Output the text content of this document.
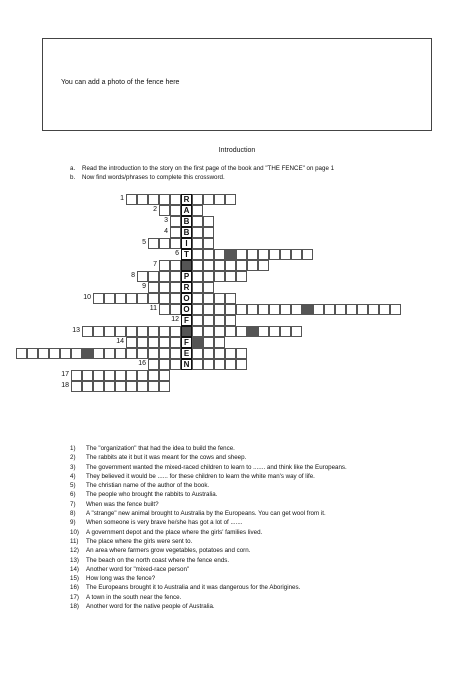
You can add a photo of the fence here
Introduction
a. Read the introduction to the story on the first page of the book and "THE FENCE" on page 1
b. Now find words/phrases to complete this crossword.
R
1
A
2
B
3
B
4
I
5
T
6
7
P
8
R
9
O
10
O
11
F
12
13
F
14
E
N
16
17
18
1) The "organization" that had the idea to build the fence.
2) The rabbits ate it but it was meant for the cows and sheep.
3) The government wanted the mixed-raced children to learn to ....... and think like the Europeans.
4) They believed it would be ...... for these children to learn the white man's way of life.
5) The christian name of the author of the book.
6) The people who brought the rabbits to Australia.
7) When was the fence built?
8) A "strange" new animal brought to Australia by the Europeans. You can get wool from it.
9) When someone is very brave he/she has got a lot of .......
10) A government depot and the place where the girls' families lived.
11) The place where the girls were sent to.
12) An area where farmers grow vegetables, potatoes and corn.
13) The beach on the north coast where the fence ends.
14) Another word for "mixed-race person"
15) How long was the fence?
16) The Europeans brought it to Australia and it was dangerous for the Aborigines.
17) A town in the south near the fence.
18) Another word for the native people of Australia.
